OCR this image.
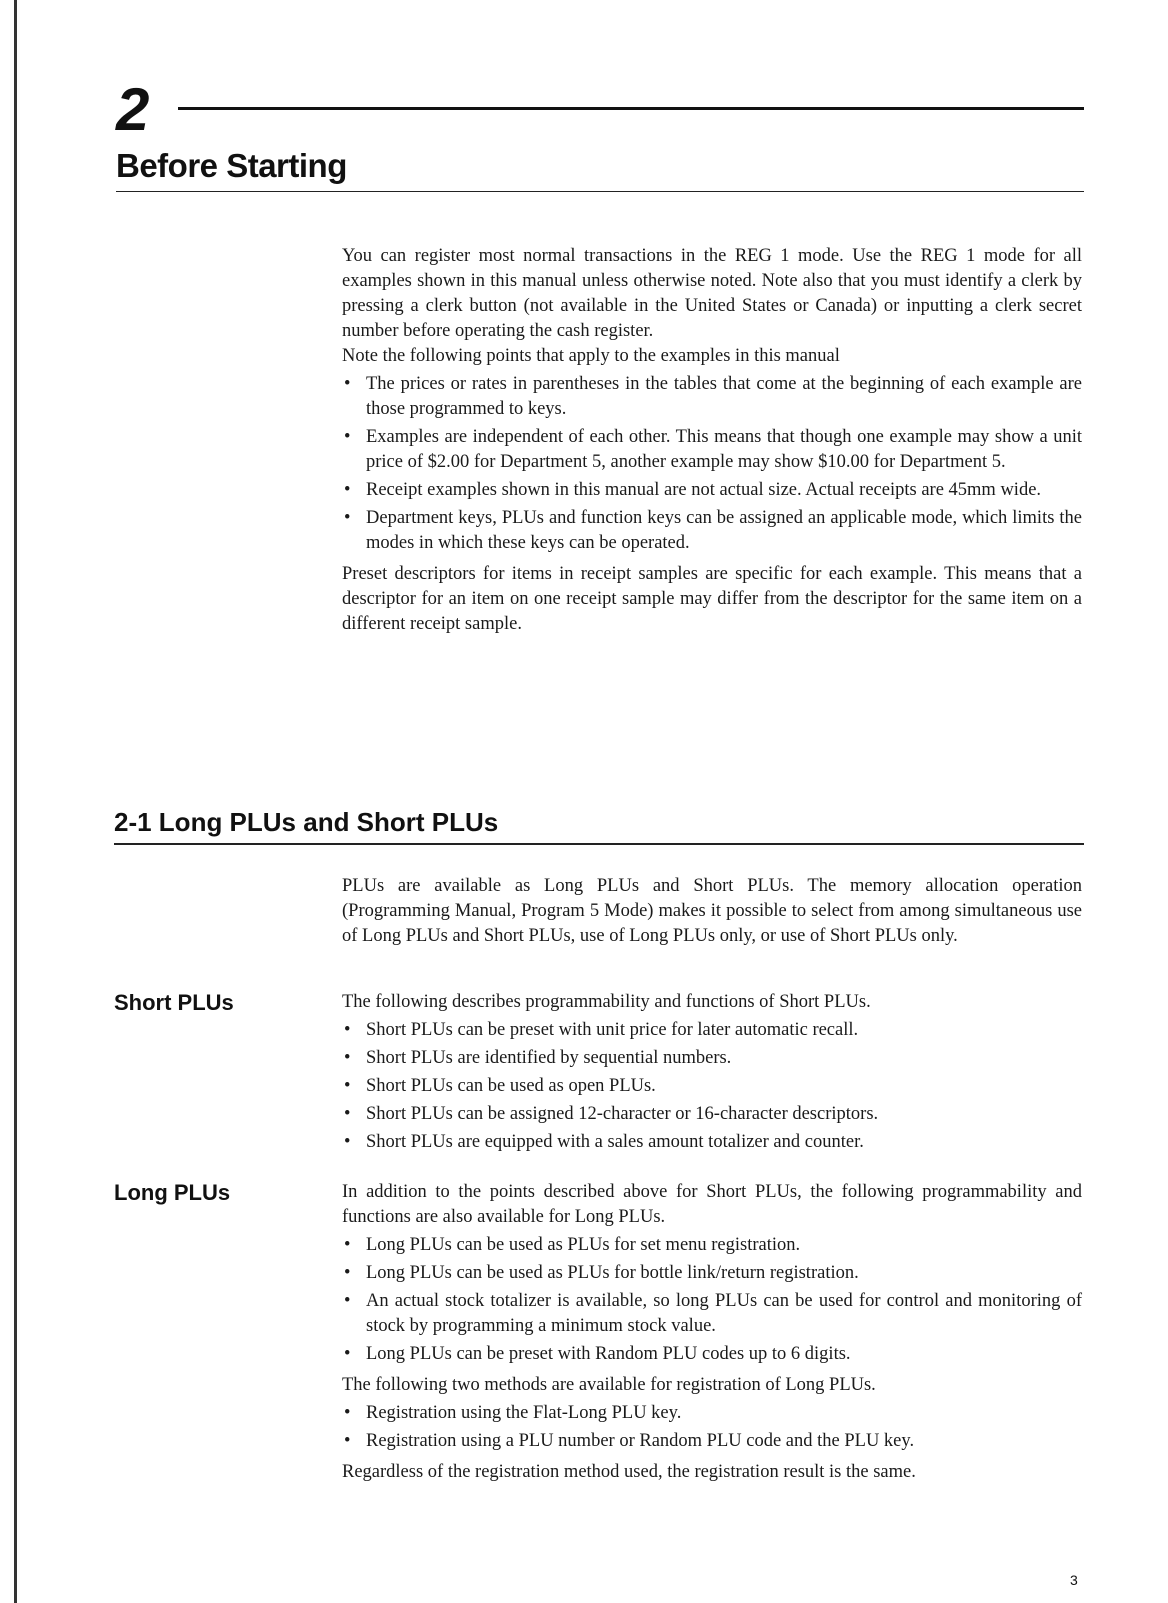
2
Before Starting

You can register most normal transactions in the REG 1 mode. Use the REG 1 mode for all examples shown in this manual unless otherwise noted. Note also that you must identify a clerk by pressing a clerk button (not available in the United States or Canada) or inputting a clerk secret number before operating the cash register.

Note the following points that apply to the examples in this manual

• The prices or rates in parentheses in the tables that come at the beginning of each example are those programmed to keys.
• Examples are independent of each other. This means that though one example may show a unit price of $2.00 for Department 5, another example may show $10.00 for Department 5.
• Receipt examples shown in this manual are not actual size. Actual receipts are 45mm wide.
• Department keys, PLUs and function keys can be assigned an applicable mode, which limits the modes in which these keys can be operated.

Preset descriptors for items in receipt samples are specific for each example. This means that a descriptor for an item on one receipt sample may differ from the descriptor for the same item on a different receipt sample.

2-1 Long PLUs and Short PLUs

PLUs are available as Long PLUs and Short PLUs. The memory allocation operation (Programming Manual, Program 5 Mode) makes it possible to select from among simultaneous use of Long PLUs and Short PLUs, use of Long PLUs only, or use of Short PLUs only.

Short PLUs	The following describes programmability and functions of Short PLUs.

• Short PLUs can be preset with unit price for later automatic recall.
• Short PLUs are identified by sequential numbers.
• Short PLUs can be used as open PLUs.
• Short PLUs can be assigned 12-character or 16-character descriptors.
• Short PLUs are equipped with a sales amount totalizer and counter.
Long PLUs	In addition to the points described above for Short PLUs, the following programmability and functions are also available for Long PLUs.

• Long PLUs can be used as PLUs for set menu registration.
• Long PLUs can be used as PLUs for bottle link/return registration.
• An actual stock totalizer is available, so long PLUs can be used for control and monitoring of stock by programming a minimum stock value.
• Long PLUs can be preset with Random PLU codes up to 6 digits.

The following two methods are available for registration of Long PLUs.

• Registration using the Flat-Long PLU key.
• Registration using a PLU number or Random PLU code and the PLU key.

Regardless of the registration method used, the registration result is the same.

3
